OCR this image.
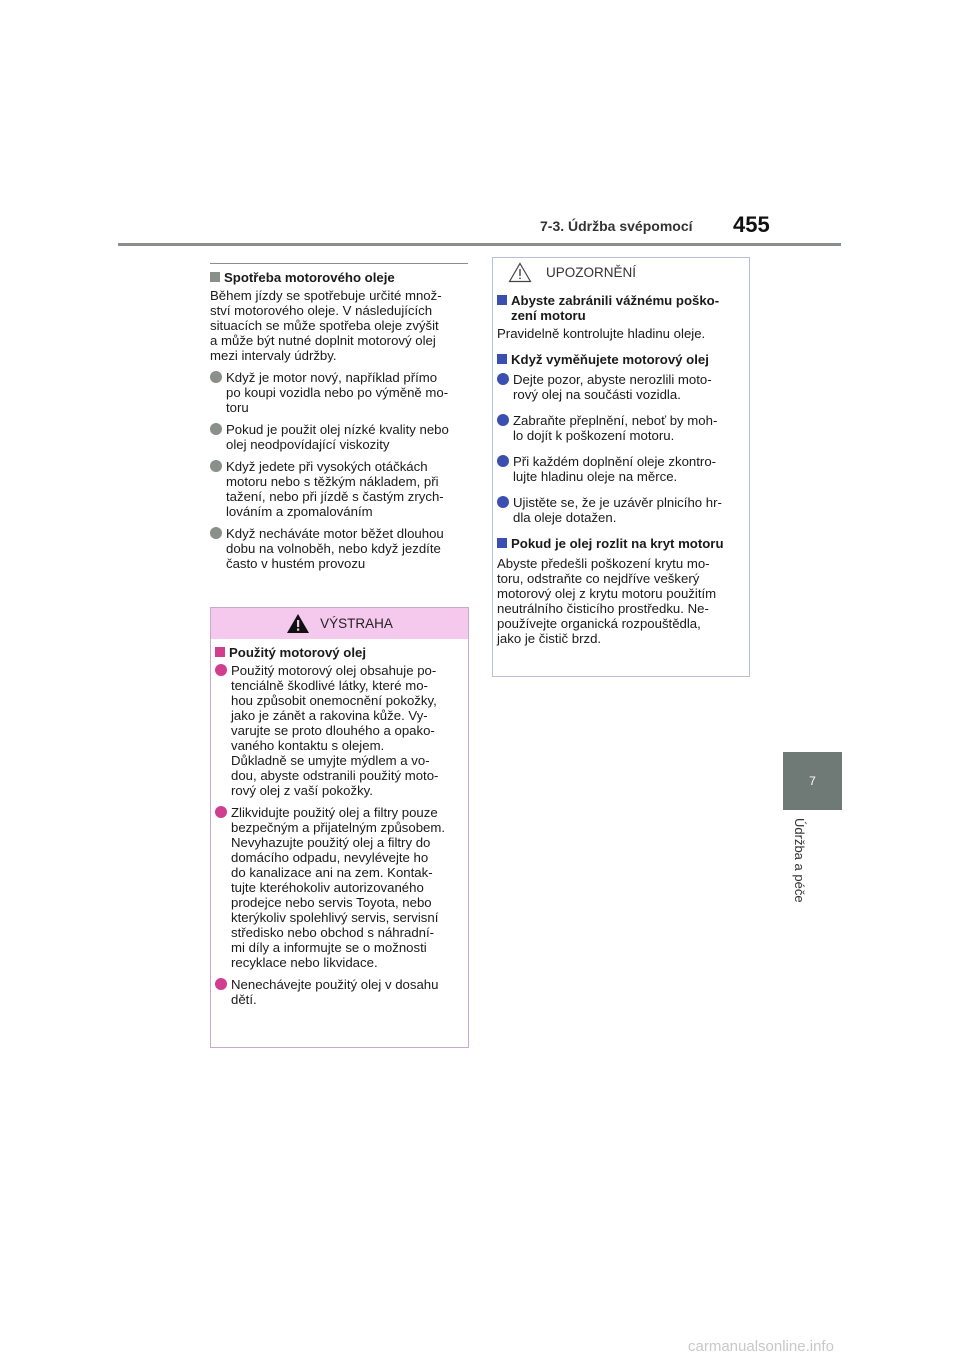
7-3. Údržba svépomocí 455
7
Údržba a péče
Spotřeba motorového oleje
Během jízdy se spotřebuje určité množ-
ství motorového oleje. V následujících
situacích se může spotřeba oleje zvýšit
a může být nutné doplnit motorový olej
mezi intervaly údržby.
Když je motor nový, například přímo
po koupi vozidla nebo po výměně mo-
toru
Pokud je použit olej nízké kvality nebo
olej neodpovídající viskozity
Když jedete při vysokých otáčkách
motoru nebo s těžkým nákladem, při
tažení, nebo při jízdě s častým zrych-
lováním a zpomalováním
Když necháváte motor běžet dlouhou
dobu na volnoběh, nebo když jezdíte
často v hustém provozu
VÝSTRAHA
Použitý motorový olej
Použitý motorový olej obsahuje po-
tenciálně škodlivé látky, které mo-
hou způsobit onemocnění pokožky,
jako je zánět a rakovina kůže. Vy-
varujte se proto dlouhého a opako-
vaného kontaktu s olejem.
Důkladně se umyjte mýdlem a vo-
dou, abyste odstranili použitý moto-
rový olej z vaší pokožky.
Zlikvidujte použitý olej a filtry pouze
bezpečným a přijatelným způsobem.
Nevyhazujte použitý olej a filtry do
domácího odpadu, nevylévejte ho
do kanalizace ani na zem. Kontak-
tujte kteréhokoliv autorizovaného
prodejce nebo servis Toyota, nebo
kterýkoliv spolehlivý servis, servisní
středisko nebo obchod s náhradní-
mi díly a informujte se o možnosti
recyklace nebo likvidace.
Nenechávejte použitý olej v dosahu
dětí.
UPOZORNĚNÍ
Abyste zabránili vážnému poško-
zení motoru
Pravidelně kontrolujte hladinu oleje.
Když vyměňujete motorový olej
Dejte pozor, abyste nerozlili moto-
rový olej na součásti vozidla.
Zabraňte přeplnění, neboť by moh-
lo dojít k poškození motoru.
Při každém doplnění oleje zkontro-
lujte hladinu oleje na měrce.
Ujistěte se, že je uzávěr plnicího hr-
dla oleje dotažen.
Pokud je olej rozlit na kryt motoru
Abyste předešli poškození krytu mo-
toru, odstraňte co nejdříve veškerý
motorový olej z krytu motoru použitím
neutrálního čisticího prostředku. Ne-
používejte organická rozpouštědla,
jako je čistič brzd.
carmanualsonline.info
